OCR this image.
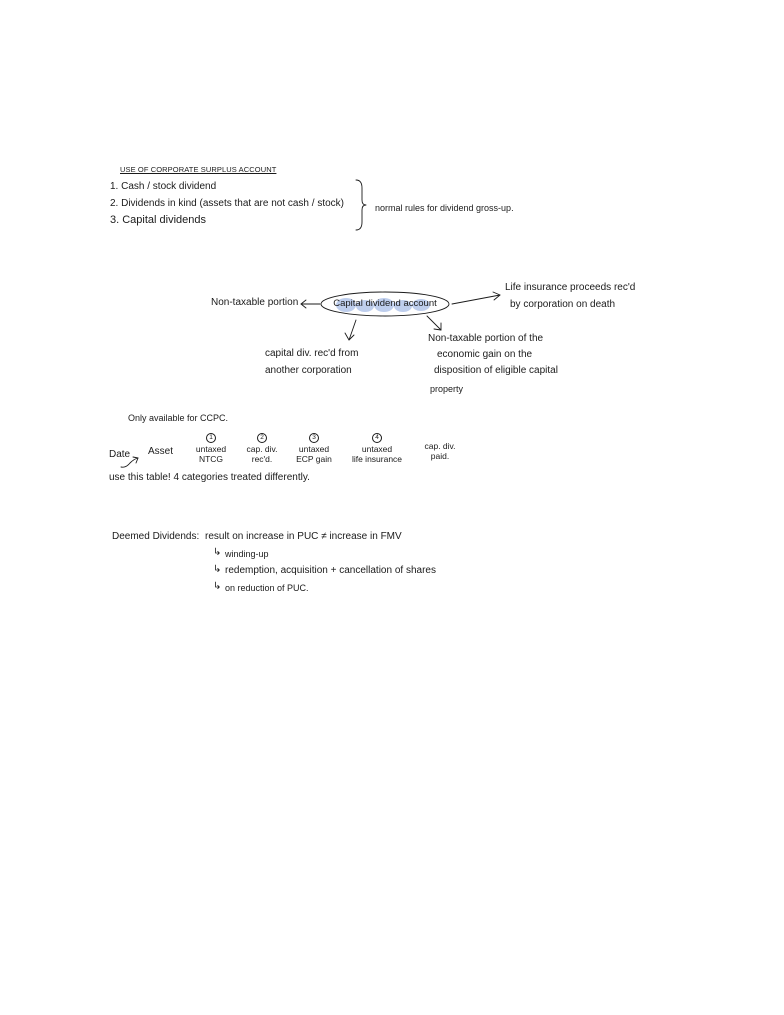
USE OF CORPORATE SURPLUS ACCOUNT
1. Cash / stock dividend
2. Dividends in kind (assets that are not cash / stock)
3. Capital dividends
normal rules for dividend gross-up.
Non-taxable portion	Capital dividend account
Life insurance proceeds rec'd
by corporation on death
capital div. rec'd from
another corporation
Non-taxable portion of the
economic gain on the
disposition of eligible capital
property
Only available for CCPC.
Date Asset
1
untaxed
NTCG
2
cap. div.
rec'd.
3
untaxed
ECP gain
4
untaxed
life insurance
cap. div.
paid.
use this table! 4 categories treated differently.
Deemed Dividends: result on increase in PUC ≠ increase in FMV
↳
winding-up
↳
redemption, acquisition + cancellation of shares
↳
on reduction of PUC.
